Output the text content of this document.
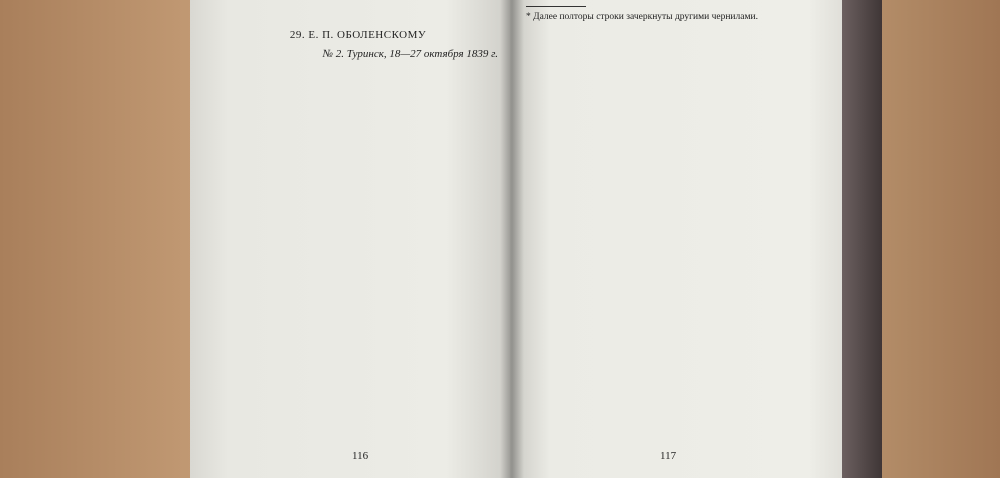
29. Е. П. ОБОЛЕНСКОМУ
№ 2. Туринск, 18—27 октября 1839 г.
116
* Далее полторы строки зачеркнуты другими чернилами.
117
